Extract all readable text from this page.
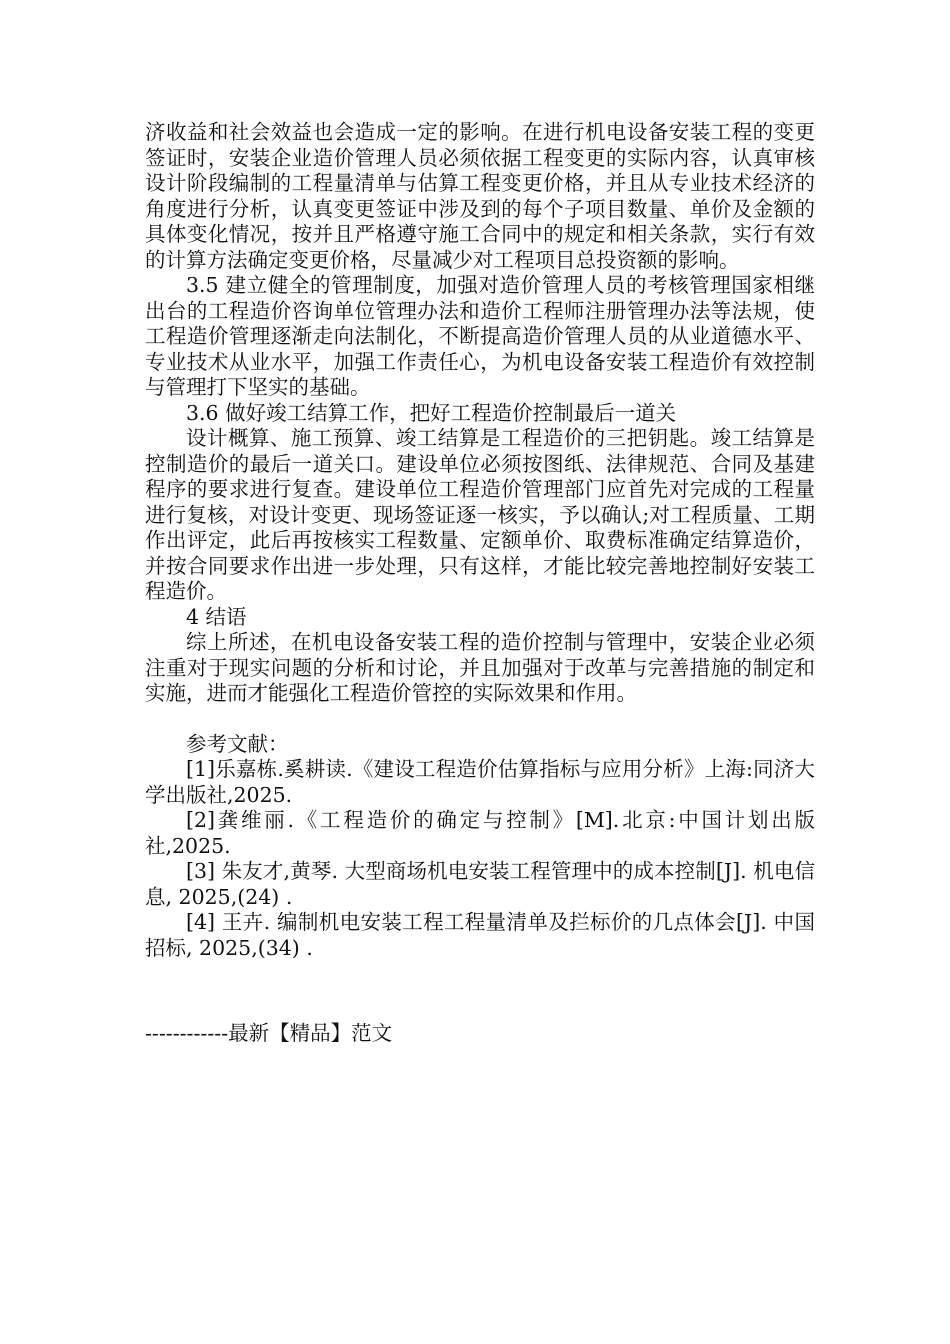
济收益和社会效益也会造成一定的影响。在进行机电设备安装工程的变更签证时，安装企业造价管理人员必须依据工程变更的实际内容，认真审核设计阶段编制的工程量清单与估算工程变更价格，并且从专业技术经济的角度进行分析，认真变更签证中涉及到的每个子项目数量、单价及金额的具体变化情况，按并且严格遵守施工合同中的规定和相关条款，实行有效的计算方法确定变更价格，尽量减少对工程项目总投资额的影响。

3.5 建立健全的管理制度，加强对造价管理人员的考核管理国家相继出台的工程造价咨询单位管理办法和造价工程师注册管理办法等法规，使工程造价管理逐渐走向法制化，不断提高造价管理人员的从业道德水平、专业技术从业水平，加强工作责任心，为机电设备安装工程造价有效控制与管理打下坚实的基础。

3.6 做好竣工结算工作，把好工程造价控制最后一道关

设计概算、施工预算、竣工结算是工程造价的三把钥匙。竣工结算是控制造价的最后一道关口。建设单位必须按图纸、法律规范、合同及基建程序的要求进行复查。建设单位工程造价管理部门应首先对完成的工程量进行复核，对设计变更、现场签证逐一核实，予以确认;对工程质量、工期作出评定，此后再按核实工程数量、定额单价、取费标准确定结算造价，并按合同要求作出进一步处理，只有这样，才能比较完善地控制好安装工程造价。

4 结语

综上所述，在机电设备安装工程的造价控制与管理中，安装企业必须注重对于现实问题的分析和讨论，并且加强对于改革与完善措施的制定和实施，进而才能强化工程造价管控的实际效果和作用。

参考文献：

[1]乐嘉栋.奚耕读.《建设工程造价估算指标与应用分析》上海:同济大学出版社,2025.

[2]龚维丽.《工程造价的确定与控制》[M].北京:中国计划出版社,2025.

[3] 朱友才,黄琴. 大型商场机电安装工程管理中的成本控制[J]. 机电信息, 2025,(24) .

[4] 王卉. 编制机电安装工程工程量清单及拦标价的几点体会[J]. 中国招标, 2025,(34) .

------------最新【精品】范文
